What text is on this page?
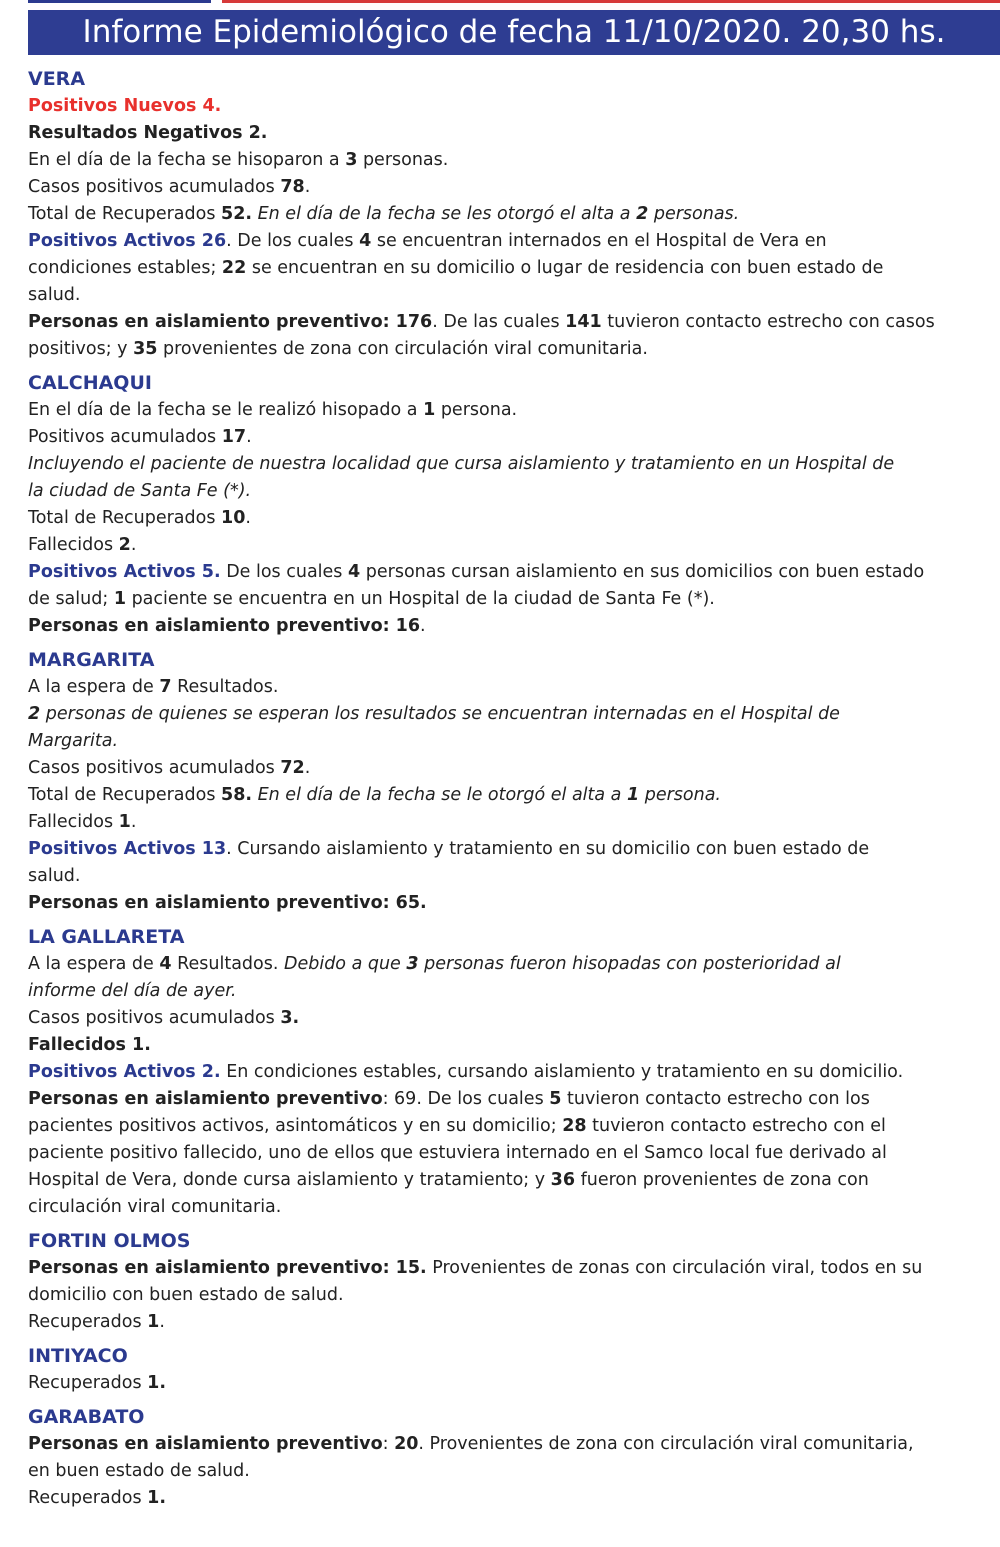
Informe Epidemiológico de fecha 11/10/2020. 20,30 hs.
VERA
Positivos Nuevos 4.
Resultados Negativos 2.
En el día de la fecha se hisoparon a 3 personas.
Casos positivos acumulados 78.
Total de Recuperados 52. En el día de la fecha se les otorgó el alta a 2 personas.
Positivos Activos 26. De los cuales 4 se encuentran internados en el Hospital de Vera en
condiciones estables; 22 se encuentran en su domicilio o lugar de residencia con buen estado de
salud.
Personas en aislamiento preventivo: 176. De las cuales 141 tuvieron contacto estrecho con casos
positivos; y 35 provenientes de zona con circulación viral comunitaria.
CALCHAQUI
En el día de la fecha se le realizó hisopado a 1 persona.
Positivos acumulados 17.
Incluyendo el paciente de nuestra localidad que cursa aislamiento y tratamiento en un Hospital de
la ciudad de Santa Fe (*).
Total de Recuperados 10.
Fallecidos 2.
Positivos Activos 5. De los cuales 4 personas cursan aislamiento en sus domicilios con buen estado
de salud; 1 paciente se encuentra en un Hospital de la ciudad de Santa Fe (*).
Personas en aislamiento preventivo: 16.
MARGARITA
A la espera de 7 Resultados.
2 personas de quienes se esperan los resultados se encuentran internadas en el Hospital de
Margarita.
Casos positivos acumulados 72.
Total de Recuperados 58. En el día de la fecha se le otorgó el alta a 1 persona.
Fallecidos 1.
Positivos Activos 13. Cursando aislamiento y tratamiento en su domicilio con buen estado de
salud.
Personas en aislamiento preventivo: 65.
LA GALLARETA
A la espera de 4 Resultados. Debido a que 3 personas fueron hisopadas con posterioridad al
informe del día de ayer.
Casos positivos acumulados 3.
Fallecidos 1.
Positivos Activos 2. En condiciones estables, cursando aislamiento y tratamiento en su domicilio.
Personas en aislamiento preventivo: 69. De los cuales 5 tuvieron contacto estrecho con los
pacientes positivos activos, asintomáticos y en su domicilio; 28 tuvieron contacto estrecho con el
paciente positivo fallecido, uno de ellos que estuviera internado en el Samco local fue derivado al
Hospital de Vera, donde cursa aislamiento y tratamiento; y 36 fueron provenientes de zona con
circulación viral comunitaria.
FORTIN OLMOS
Personas en aislamiento preventivo: 15. Provenientes de zonas con circulación viral, todos en su
domicilio con buen estado de salud.
Recuperados 1.
INTIYACO
Recuperados 1.
GARABATO
Personas en aislamiento preventivo: 20. Provenientes de zona con circulación viral comunitaria,
en buen estado de salud.
Recuperados 1.
